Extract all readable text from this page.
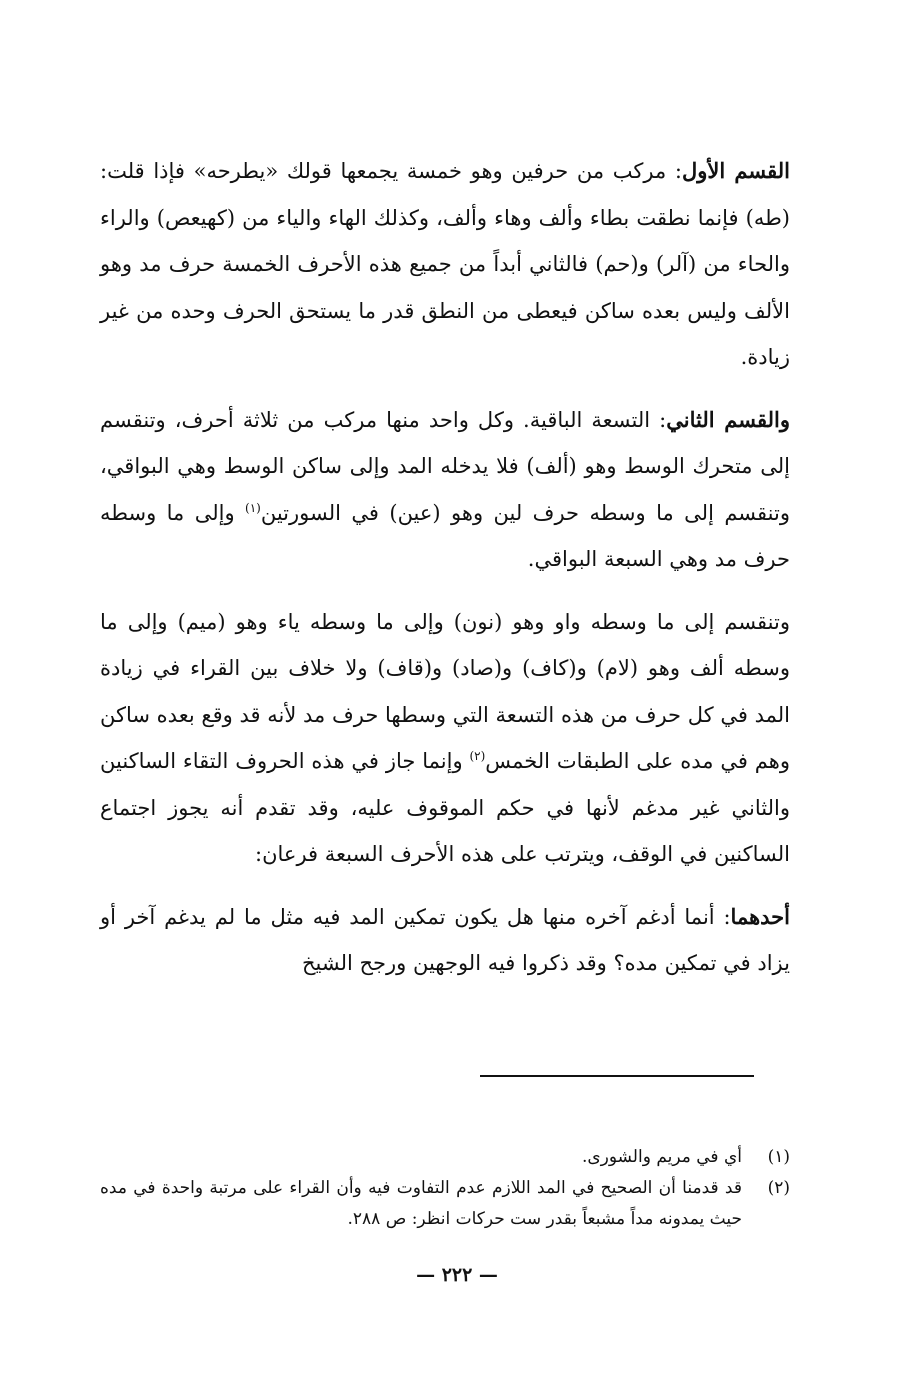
القسم الأول: مركب من حرفين وهو خمسة يجمعها قولك «يطرحه» فإذا قلت: (طه) فإنما نطقت بطاء وألف وهاء وألف، وكذلك الهاء والياء من (كهيعص) والراء والحاء من (آلر) و(حم) فالثاني أبداً من جميع هذه الأحرف الخمسة حرف مد وهو الألف وليس بعده ساكن فيعطى من النطق قدر ما يستحق الحرف وحده من غير زيادة.

والقسم الثاني: التسعة الباقية. وكل واحد منها مركب من ثلاثة أحرف، وتنقسم إلى متحرك الوسط وهو (ألف) فلا يدخله المد وإلى ساكن الوسط وهي البواقي، وتنقسم إلى ما وسطه حرف لين وهو (عين) في السورتين$^{(١)}$ وإلى ما وسطه حرف مد وهي السبعة البواقي.

وتنقسم إلى ما وسطه واو وهو (نون) وإلى ما وسطه ياء وهو (ميم) وإلى ما وسطه ألف وهو (لام) و(كاف) و(صاد) و(قاف) ولا خلاف بين القراء في زيادة المد في كل حرف من هذه التسعة التي وسطها حرف مد لأنه قد وقع بعده ساكن وهم في مده على الطبقات الخمس$^{(٢)}$ وإنما جاز في هذه الحروف التقاء الساكنين والثاني غير مدغم لأنها في حكم الموقوف عليه، وقد تقدم أنه يجوز اجتماع الساكنين في الوقف، ويترتب على هذه الأحرف السبعة فرعان:

أحدهما: أنما أدغم آخره منها هل يكون تمكين المد فيه مثل ما لم يدغم آخر أو يزاد في تمكين مده؟ وقد ذكروا فيه الوجهين ورجح الشيخ

(١)
أي في مريم والشورى.
(٢)
قد قدمنا أن الصحيح في المد اللازم عدم التفاوت فيه وأن القراء على مرتبة واحدة في مده حيث يمدونه مداً مشبعاً بقدر ست حركات انظر: ص ٢٨٨.
— ٢٢٢ —
